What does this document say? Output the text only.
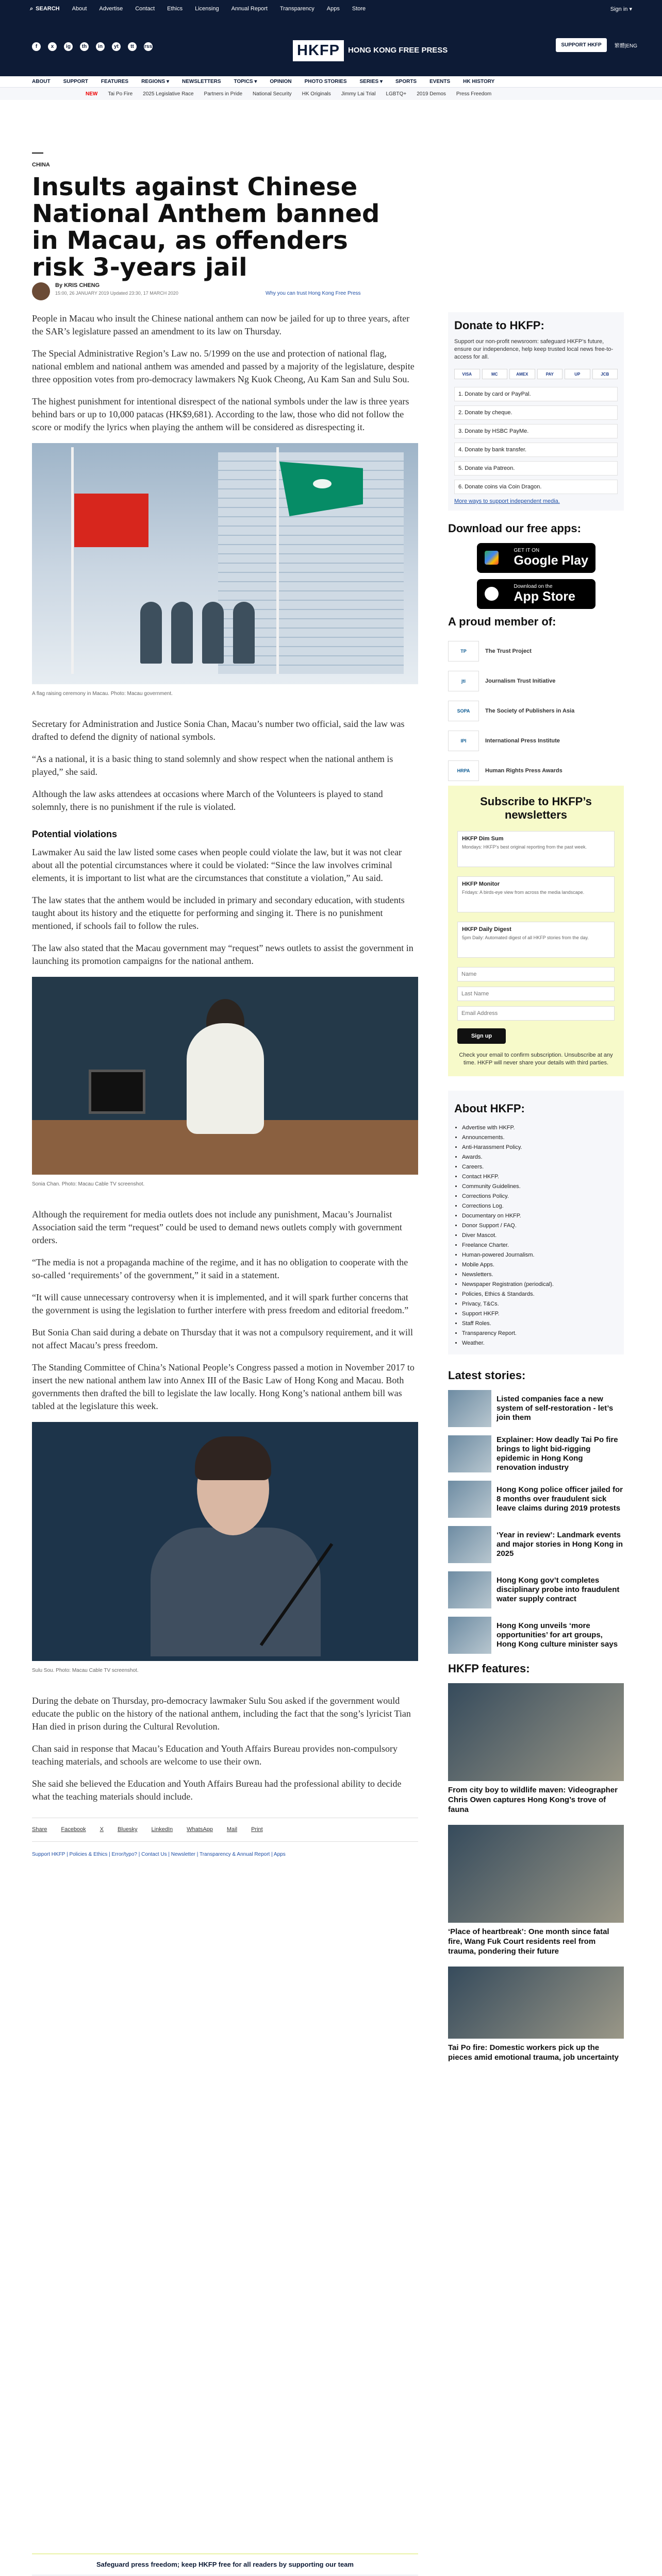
⌕ SEARCH About Advertise Contact Ethics Licensing Annual Report Transparency Apps Store	Sign in ▾
f	x	ig	th	in	yt	tt	rss	HKFP	HONG KONG FREE PRESS
SUPPORT HKFP	繁體|ENG
ABOUT	SUPPORT	FEATURES	REGIONS ▾	NEWSLETTERS	TOPICS ▾	OPINION	PHOTO STORIES	SERIES ▾	SPORTS	EVENTS	HK HISTORY
NEW Tai Po Fire 2025 Legislative Race Partners in Pride National Security HK Originals Jimmy Lai Trial LGBTQ+ 2019 Demos Press Freedom
CHINA
Insults against Chinese National Anthem banned in Macau, as offenders risk 3-years jail
By KRIS CHENG
15:00, 26 JANUARY 2019 Updated 23:30, 17 MARCH 2020	Why you can trust Hong Kong Free Press

People in Macau who insult the Chinese national anthem can now be jailed for up to three years, after the SAR’s legislature passed an amendment to its law on Thursday.

The Special Administrative Region’s Law no. 5/1999 on the use and protection of national flag, national emblem and national anthem was amended and passed by a majority of the legislature, despite three opposition votes from pro-democracy lawmakers Ng Kuok Cheong, Au Kam San and Sulu Sou.

The highest punishment for intentional disrespect of the national symbols under the law is three years behind bars or up to 10,000 patacas (HK$9,681). According to the law, those who did not follow the score or modify the lyrics when playing the anthem will be considered as disrespecting it.

A flag raising ceremony in Macau. Photo: Macau government.

Secretary for Administration and Justice Sonia Chan, Macau’s number two official, said the law was drafted to defend the dignity of national symbols.

“As a national, it is a basic thing to stand solemnly and show respect when the national anthem is played,” she said.

Although the law asks attendees at occasions where March of the Volunteers is played to stand solemnly, there is no punishment if the rule is violated.

Potential violations

Lawmaker Au said the law listed some cases when people could violate the law, but it was not clear about all the potential circumstances where it could be violated: “Since the law involves criminal elements, it is important to list what are the circumstances that constitute a violation,” Au said.

The law states that the anthem would be included in primary and secondary education, with students taught about its history and the etiquette for performing and singing it. There is no punishment mentioned, if schools fail to follow the rules.

The law also stated that the Macau government may “request” news outlets to assist the government in launching its promotion campaigns for the national anthem.

Sonia Chan. Photo: Macau Cable TV screenshot.

Although the requirement for media outlets does not include any punishment, Macau’s Journalist Association said the term “request” could be used to demand news outlets comply with government orders.

“The media is not a propaganda machine of the regime, and it has no obligation to cooperate with the so-called ‘requirements’ of the government,” it said in a statement.

“It will cause unnecessary controversy when it is implemented, and it will spark further concerns that the government is using the legislation to further interfere with press freedom and editorial freedom.”

But Sonia Chan said during a debate on Thursday that it was not a compulsory requirement, and it will not affect Macau’s press freedom.

The Standing Committee of China’s National People’s Congress passed a motion in November 2017 to insert the new national anthem law into Annex III of the Basic Law of Hong Kong and Macau. Both governments then drafted the bill to legislate the law locally. Hong Kong’s national anthem bill was tabled at the legislature this week.

Sulu Sou. Photo: Macau Cable TV screenshot.

During the debate on Thursday, pro-democracy lawmaker Sulu Sou asked if the government would educate the public on the history of the national anthem, including the fact that the song’s lyricist Tian Han died in prison during the Cultural Revolution.

Chan said in response that Macau’s Education and Youth Affairs Bureau provides non-compulsory teaching materials, and schools are welcome to use their own.

She said she believed the Education and Youth Affairs Bureau had the professional ability to decide what the teaching materials should include.

Share Facebook X Bluesky LinkedIn WhatsApp Mail Print
Support HKFP | Policies & Ethics | Error/typo? | Contact Us | Newsletter | Transparency & Annual Report | Apps
Safeguard press freedom; keep HKFP free for all readers by supporting our team
Donate to HKFP:

Support our non-profit newsroom: safeguard HKFP’s future, ensure our independence, help keep trusted local news free-to-access for all.

VISA	MC	AMEX	PAY	UP	JCB
1. Donate by card or PayPal.
2. Donate by cheque.
3. Donate by HSBC PayMe.
4. Donate by bank transfer.
5. Donate via Patreon.
6. Donate coins via Coin Dragon.
More ways to support independent media.
Download our free apps:
GET IT ON
Google Play
Download on the
App Store
A proud member of:
TP	The Trust Project
jti	Journalism Trust Initiative
SOPA	The Society of Publishers in Asia
IPI	International Press Institute
HRPA	Human Rights Press Awards
Subscribe to HKFP’s newsletters
HKFP Dim Sum
Mondays: HKFP’s best original reporting from the past week.
HKFP Monitor
Fridays: A birds-eye view from across the media landscape.
HKFP Daily Digest
5pm Daily: Automated digest of all HKFP stories from the day.
Name
Last Name
Email Address
Sign up

Check your email to confirm subscription. Unsubscribe at any time. HKFP will never share your details with third parties.

About HKFP:
• Advertise with HKFP.
• Announcements.
• Anti-Harassment Policy.
• Awards.
• Careers.
• Contact HKFP.
• Community Guidelines.
• Corrections Policy.
• Corrections Log.
• Documentary on HKFP.
• Donor Support / FAQ.
• Diver Mascot.
• Freelance Charter.
• Human-powered Journalism.
• Mobile Apps.
• Newsletters.
• Newspaper Registration (periodical).
• Policies, Ethics & Standards.
• Privacy, T&Cs.
• Support HKFP.
• Staff Roles.
• Transparency Report.
• Weather.
Latest stories:
Listed companies face a new system of self-restoration - let’s join them
Explainer: How deadly Tai Po fire brings to light bid-rigging epidemic in Hong Kong renovation industry
Hong Kong police officer jailed for 8 months over fraudulent sick leave claims during 2019 protests
‘Year in review’: Landmark events and major stories in Hong Kong in 2025
Hong Kong gov’t completes disciplinary probe into fraudulent water supply contract
Hong Kong unveils ‘more opportunities’ for art groups, Hong Kong culture minister says
HKFP features:
From city boy to wildlife maven: Videographer Chris Owen captures Hong Kong’s trove of fauna
‘Place of heartbreak’: One month since fatal fire, Wang Fuk Court residents reel from trauma, pondering their future
Tai Po fire: Domestic workers pick up the pieces amid emotional trauma, job uncertainty
